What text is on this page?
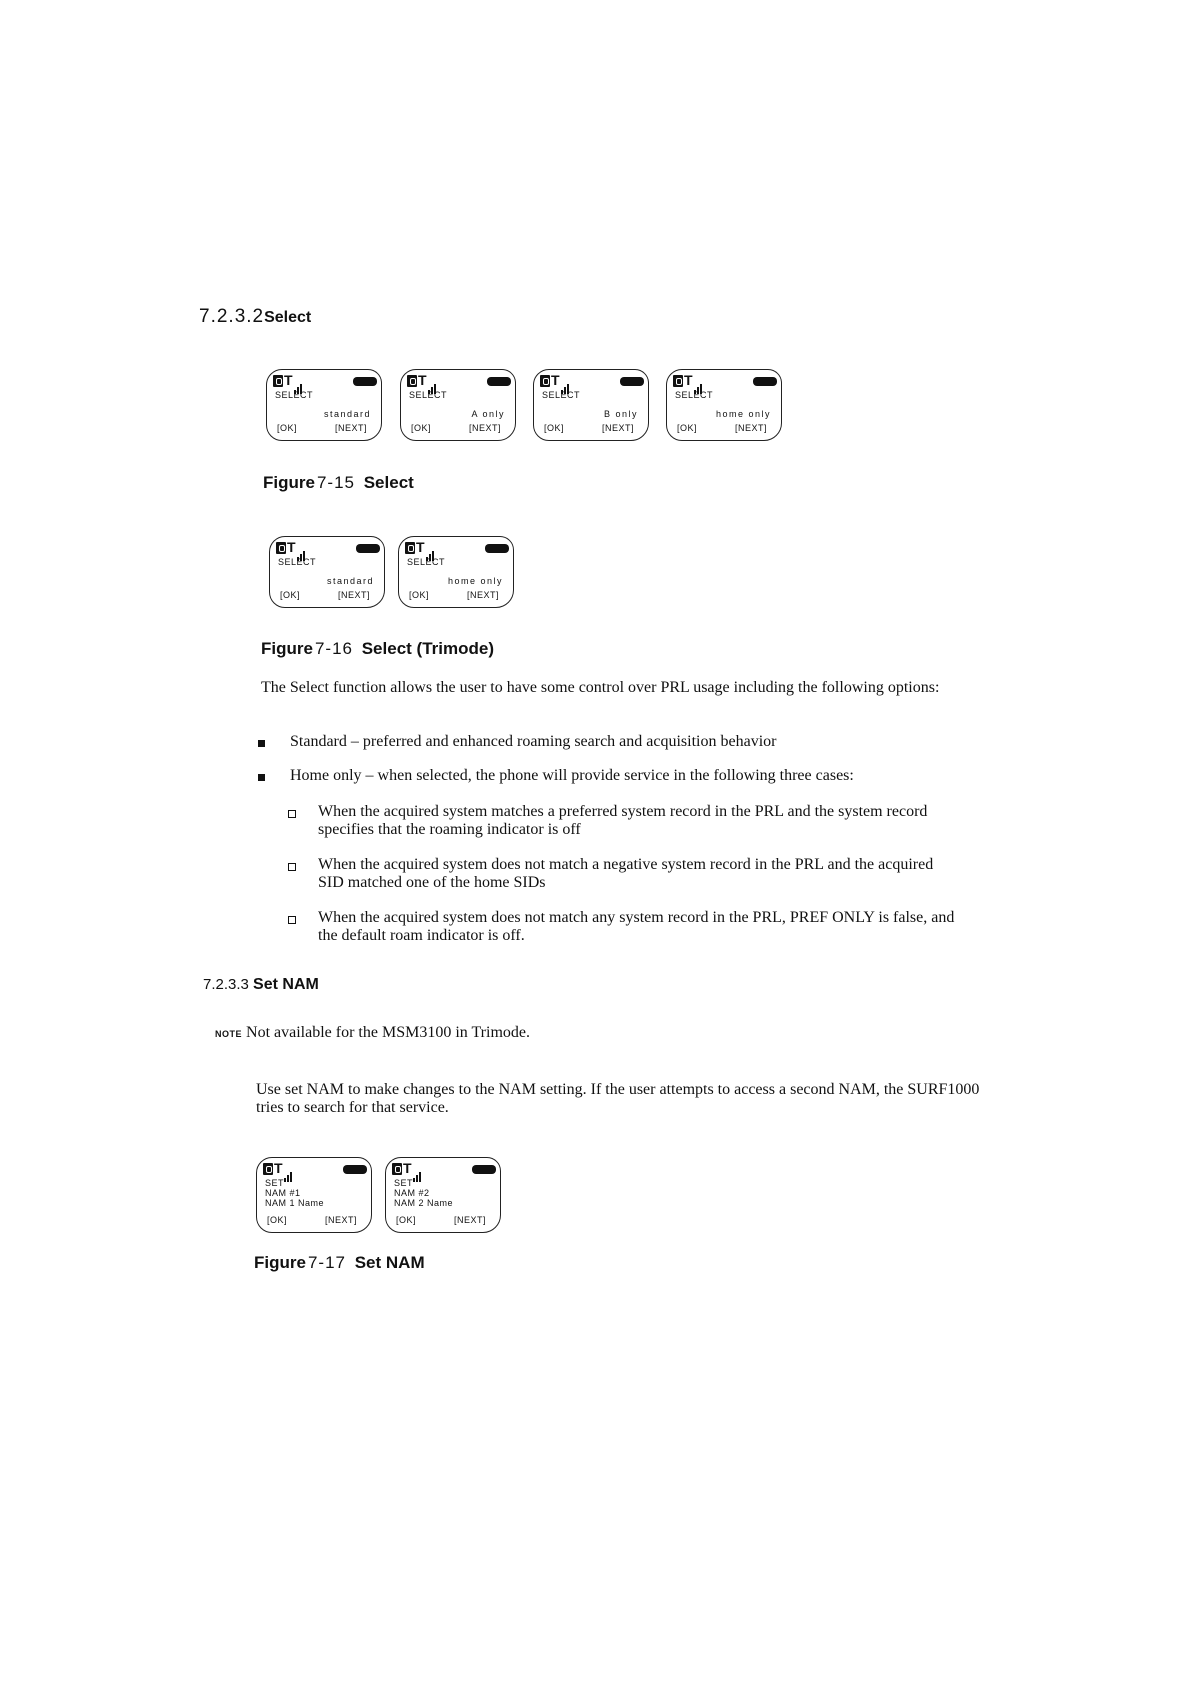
7.2.3.2Select
T
SELECT
standard
[OK]	[NEXT]
T
SELECT
A only
[OK]	[NEXT]
T
SELECT
B only
[OK]	[NEXT]
T
SELECT
home only
[OK]	[NEXT]
Figure 7-15 Select
T
SELECT
standard
[OK]	[NEXT]
T
SELECT
home only
[OK]	[NEXT]
Figure 7-16 Select (Trimode)
The Select function allows the user to have some control over PRL usage including the following options:
Standard – preferred and enhanced roaming search and acquisition behavior
Home only – when selected, the phone will provide service in the following three cases:
When the acquired system matches a preferred system record in the PRL and the system record specifies that the roaming indicator is off
When the acquired system does not match a negative system record in the PRL and the acquired SID matched one of the home SIDs
When the acquired system does not match any system record in the PRL, PREF ONLY is false, and the default roam indicator is off.
7.2.3.3 Set NAM
NOTE Not available for the MSM3100 in Trimode.
Use set NAM to make changes to the NAM setting. If the user attempts to access a second NAM, the SURF1000 tries to search for that service.
T
SET
NAM #1
NAM 1 Name
[OK]	[NEXT]
T
SET
NAM #2
NAM 2 Name
[OK]	[NEXT]
Figure 7-17 Set NAM
